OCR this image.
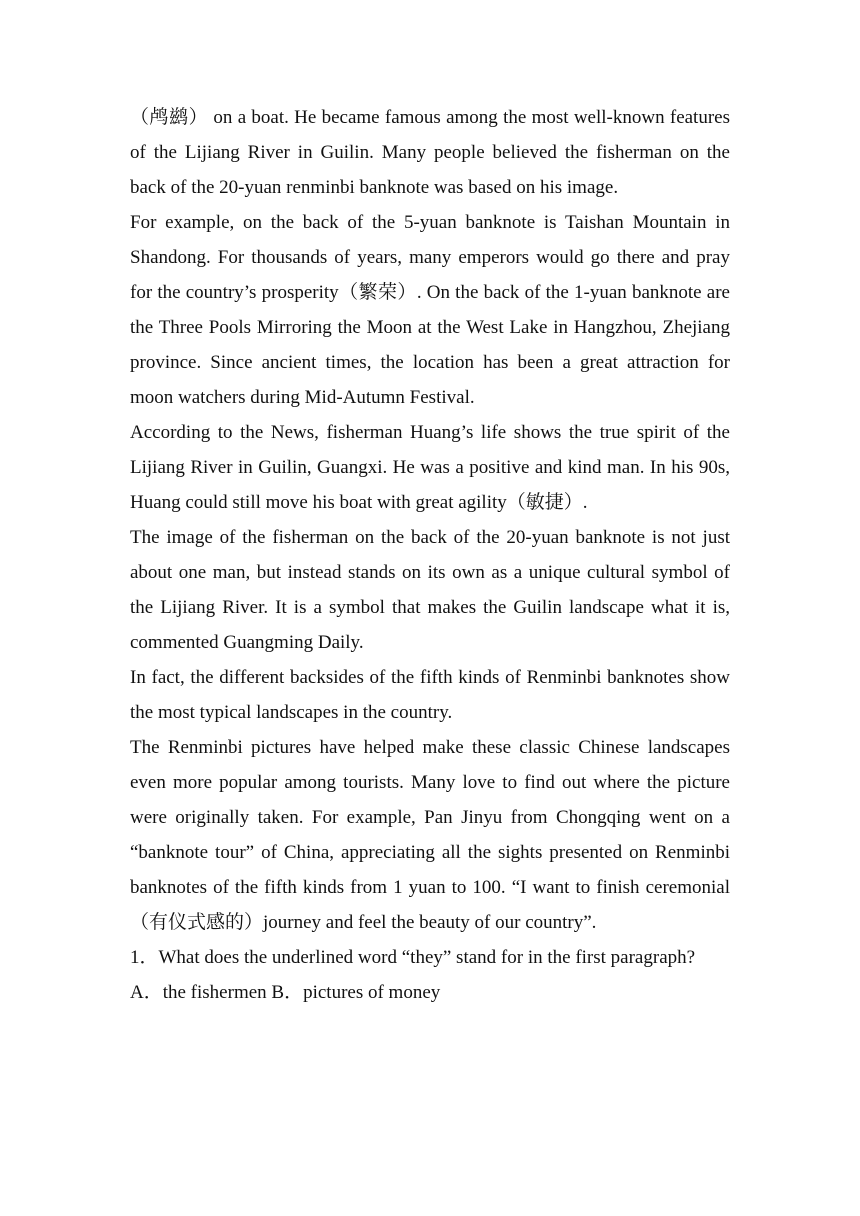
（鸬鹚） on a boat. He became famous among the most well-known features of the Lijiang River in Guilin. Many people believed the fisherman on the back of the 20-yuan renminbi banknote was based on his image.

For example, on the back of the 5-yuan banknote is Taishan Mountain in Shandong. For thousands of years, many emperors would go there and pray for the country’s prosperity（繁荣）. On the back of the 1-yuan banknote are the Three Pools Mirroring the Moon at the West Lake in Hangzhou, Zhejiang province. Since ancient times, the location has been a great attraction for moon watchers during Mid-Autumn Festival.

According to the News, fisherman Huang’s life shows the true spirit of the Lijiang River in Guilin, Guangxi. He was a positive and kind man. In his 90s, Huang could still move his boat with great agility（敏捷）.

The image of the fisherman on the back of the 20-yuan banknote is not just about one man, but instead stands on its own as a unique cultural symbol of the Lijiang River. It is a symbol that makes the Guilin landscape what it is, commented Guangming Daily.

In fact, the different backsides of the fifth kinds of Renminbi banknotes show the most typical landscapes in the country.

The Renminbi pictures have helped make these classic Chinese landscapes even more popular among tourists. Many love to find out where the picture were originally taken. For example, Pan Jinyu from Chongqing went on a “banknote tour” of China, appreciating all the sights presented on Renminbi banknotes of the fifth kinds from 1 yuan to 100. “I want to finish ceremonial（有仪式感的）journey and feel the beauty of our country”.

1．What does the underlined word “they” stand for in the first paragraph?

A．the fishermen B．pictures of money
